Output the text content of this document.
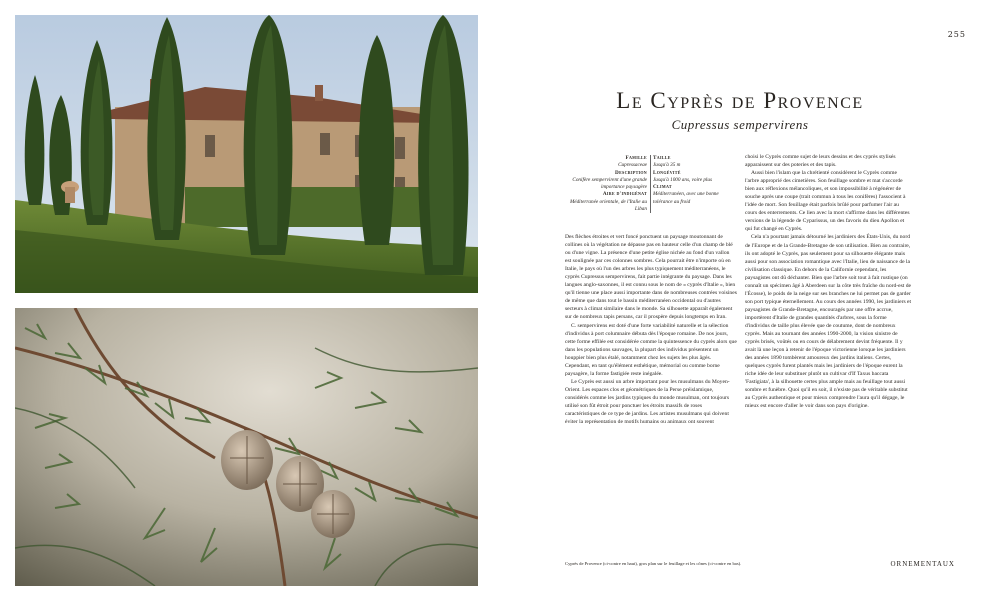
255
Le Cyprès de Provence
Cupressus sempervirens
Famille
Cupressaceae
Description
Conifère sempervirent d'une grande importance paysagère
Aire d'indigénat
Méditerranée orientale, de l'Italie au Liban
Taille
Jusqu'à 35 m
Longévité
Jusqu'à 1000 ans, voire plus
Climat
Méditerranéen, avec une bonne tolérance au froid

Des flèches étroites et vert foncé ponctuent un paysage moutonnant de collines où la végétation ne dépasse pas en hauteur celle d'un champ de blé ou d'une vigne. La présence d'une petite église nichée au fond d'un vallon est soulignée par ces colonnes sombres. Cela pourrait être n'importe où en Italie, le pays où l'un des arbres les plus typiquement méditerranéens, le cyprès Cupressus sempervirens, fait partie intégrante du paysage. Dans les langues anglo-saxonnes, il est connu sous le nom de « cyprès d'Italie », bien qu'il tienne une place aussi importante dans de nombreuses contrées voisines de même que dans tout le bassin méditerranéen occidental ou d'autres secteurs à climat similaire dans le monde. Sa silhouette apparaît également sur de nombreux tapis persans, car il prospère depuis longtemps en Iran.

C. sempervirens est doté d'une forte variabilité naturelle et la sélection d'individus à port columnaire débuta dès l'époque romaine. De nos jours, cette forme effilée est considérée comme la quintessence du cyprès alors que dans les populations sauvages, la plupart des individus présentent un houppier bien plus étalé, notamment chez les sujets les plus âgés. Cependant, en tant qu'élément esthétique, mémorial ou comme borne paysagère, la forme fastigiée reste inégalée.

Le Cyprès est aussi un arbre important pour les musulmans du Moyen-Orient. Les espaces clos et géométriques de la Perse préislamique, considérés comme les jardins typiques du monde musulman, ont toujours utilisé son fût étroit pour ponctuer les étroits massifs de roses caractéristiques de ce type de jardins. Les artistes musulmans qui doivent éviter la représentation de motifs humains ou animaux ont souvent

choisi le Cyprès comme sujet de leurs dessins et des cyprès stylisés apparaissent sur des poteries et des tapis.

Aussi bien l'islam que la chrétienté considèrent le Cyprès comme l'arbre approprié des cimetières. Son feuillage sombre et mat s'accorde bien aux réflexions mélancoliques, et son impossibilité à régénérer de souche après une coupe (trait commun à tous les conifères) l'associent à l'idée de mort. Son feuillage était parfois brûlé pour parfumer l'air au cours des enterrements. Ce lien avec la mort s'affirme dans les différentes versions de la légende de Cyparissus, un des favoris du dieu Apollon et qui fut changé en Cyprès.

Cela n'a pourtant jamais détourné les jardiniers des États-Unis, du nord de l'Europe et de la Grande-Bretagne de son utilisation. Bien au contraire, ils ont adopté le Cyprès, pas seulement pour sa silhouette élégante mais aussi pour son association romantique avec l'Italie, lieu de naissance de la civilisation classique. En dehors de la Californie cependant, les paysagistes ont dû déchanter. Bien que l'arbre soit tout à fait rustique (on connaît un spécimen âgé à Aberdeen sur la côte très fraîche du nord-est de l'Écosse), le poids de la neige sur ses branches ne lui permet pas de garder son port typique éternellement. Au cours des années 1990, les jardiniers et paysagistes de Grande-Bretagne, encouragés par une offre accrue, importèrent d'Italie de grandes quantités d'arbres, sous la forme d'individus de taille plus élevée que de coutume, dont de nombreux cyprès. Mais au tournant des années 1990-2000, la vision sinistre de cyprès brisés, voûtés ou en cours de délabrement devint fréquente. Il y avait là une leçon à retenir de l'époque victorienne lorsque les jardiniers des années 1890 tombèrent amoureux des jardins italiens. Certes, quelques cyprès furent plantés mais les jardiniers de l'époque eurent la riche idée de leur substituer plutôt un cultivar d'If Taxus baccata 'Fastigiata', à la silhouette certes plus ample mais au feuillage tout aussi sombre et funèbre. Quoi qu'il en soit, il n'existe pas de véritable substitut au Cyprès authentique et pour mieux comprendre l'aura qu'il dégage, le mieux est encore d'aller le voir dans son pays d'origine.

Cyprès de Provence (ci-contre en haut), gros plan sur le feuillage et les cônes (ci-contre en bas).	ORNEMENTAUX
